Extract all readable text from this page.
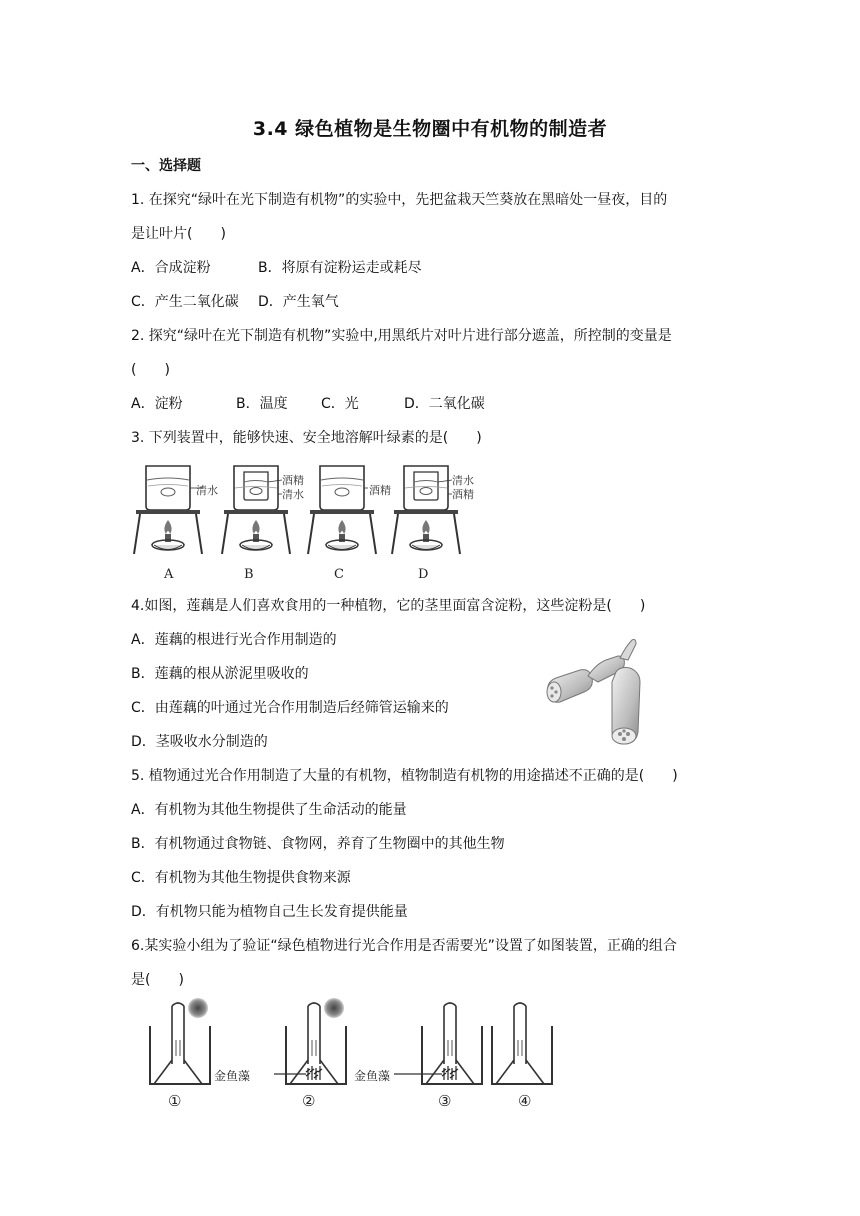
3.4 绿色植物是生物圈中有机物的制造者
一、选择题
1. 在探究“绿叶在光下制造有机物”的实验中，先把盆栽天竺葵放在黑暗处一昼夜，目的
是让叶片(　　)
A．合成淀粉	B．将原有淀粉运走或耗尽
C．产生二氧化碳 D．产生氧气
2. 探究“绿叶在光下制造有机物”实验中,用黑纸片对叶片进行部分遮盖，所控制的变量是
(　　)
A．淀粉	B．温度 C．光	D．二氧化碳
3. 下列装置中，能够快速、安全地溶解叶绿素的是(　　)
清水
A
酒精
清水
B
酒精
C
清水
酒精
D
4.如图，莲藕是人们喜欢食用的一种植物，它的茎里面富含淀粉，这些淀粉是(　　)
A．莲藕的根进行光合作用制造的
B．莲藕的根从淤泥里吸收的
C．由莲藕的叶通过光合作用制造后经筛管运输来的
D．茎吸收水分制造的
5. 植物通过光合作用制造了大量的有机物，植物制造有机物的用途描述不正确的是(　　)
A．有机物为其他生物提供了生命活动的能量
B．有机物通过食物链、食物网，养育了生物圈中的其他生物
C．有机物为其他生物提供食物来源
D．有机物只能为植物自己生长发育提供能量
6.某实验小组为了验证“绿色植物进行光合作用是否需要光”设置了如图装置，正确的组合
是(　　)
①
金鱼藻
②
金鱼藻
③	④
